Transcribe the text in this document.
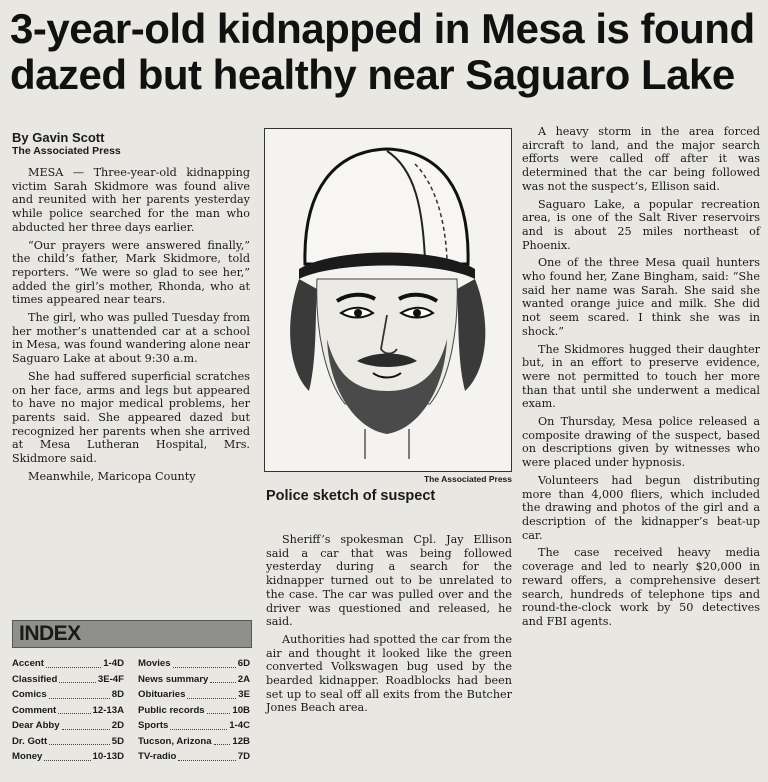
3-year-old kidnapped in Mesa is found dazed but healthy near Saguaro Lake
By Gavin Scott
The Associated Press

MESA — Three-year-old kidnapping victim Sarah Skidmore was found alive and reunited with her parents yesterday while police searched for the man who abducted her three days earlier.

“Our prayers were answered finally,” the child’s father, Mark Skidmore, told reporters. “We were so glad to see her,” added the girl’s mother, Rhonda, who at times appeared near tears.

The girl, who was pulled Tuesday from her mother’s unattended car at a school in Mesa, was found wandering alone near Saguaro Lake at about 9:30 a.m.

She had suffered superficial scratches on her face, arms and legs but appeared to have no major medical problems, her parents said. She appeared dazed but recognized her parents when she arrived at Mesa Lutheran Hospital, Mrs. Skidmore said.

Meanwhile, Maricopa County	The Associated Press
Police sketch of suspect

Sheriff’s spokesman Cpl. Jay Ellison said a car that was being followed yesterday during a search for the kidnapper turned out to be unrelated to the case. The car was pulled over and the driver was questioned and released, he said.

Authorities had spotted the car from the air and thought it looked like the green converted Volkswagen bug used by the bearded kidnapper. Roadblocks had been set up to seal off all exits from the Butcher Jones Beach area.

A heavy storm in the area forced aircraft to land, and the major search efforts were called off after it was determined that the car being followed was not the suspect’s, Ellison said.

Saguaro Lake, a popular recreation area, is one of the Salt River reservoirs and is about 25 miles northeast of Phoenix.

One of the three Mesa quail hunters who found her, Zane Bingham, said: “She said her name was Sarah. She said she wanted orange juice and milk. She did not seem scared. I think she was in shock.”

The Skidmores hugged their daughter but, in an effort to preserve evidence, were not permitted to touch her more than that until she underwent a medical exam.

On Thursday, Mesa police released a composite drawing of the suspect, based on descriptions given by witnesses who were placed under hypnosis.

Volunteers had begun distributing more than 4,000 fliers, which included the drawing and photos of the girl and a description of the kidnapper’s beat-up car.

The case received heavy media coverage and led to nearly $20,000 in reward offers, a comprehensive desert search, hundreds of telephone tips and round-the-clock work by 50 detectives and FBI agents.

INDEX
Accent	1-4D
Classified	3E-4F
Comics	8D
Comment	12-13A
Dear Abby	2D
Dr. Gott	5D
Money	10-13D
Movies	6D
News summary	2A
Obituaries	3E
Public records	10B
Sports	1-4C
Tucson, Arizona 12B
TV-radio	7D
